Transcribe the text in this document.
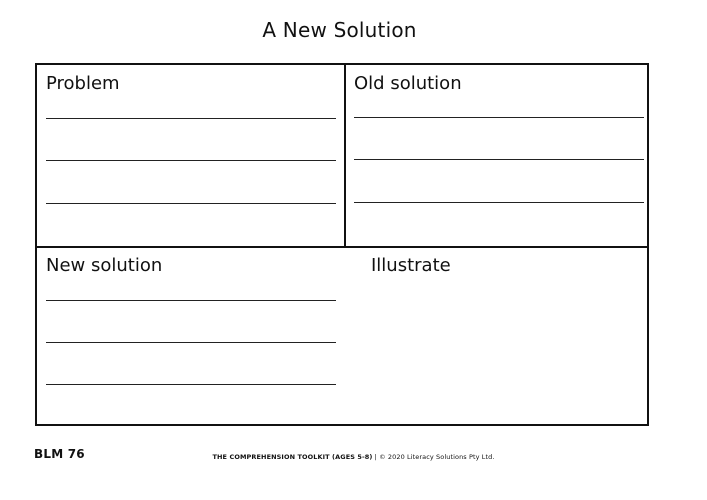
A New Solution
Problem	Old solution
New solution	Illustrate
BLM 76	THE COMPREHENSION TOOLKIT (AGES 5-8) | © 2020 Literacy Solutions Pty Ltd.
